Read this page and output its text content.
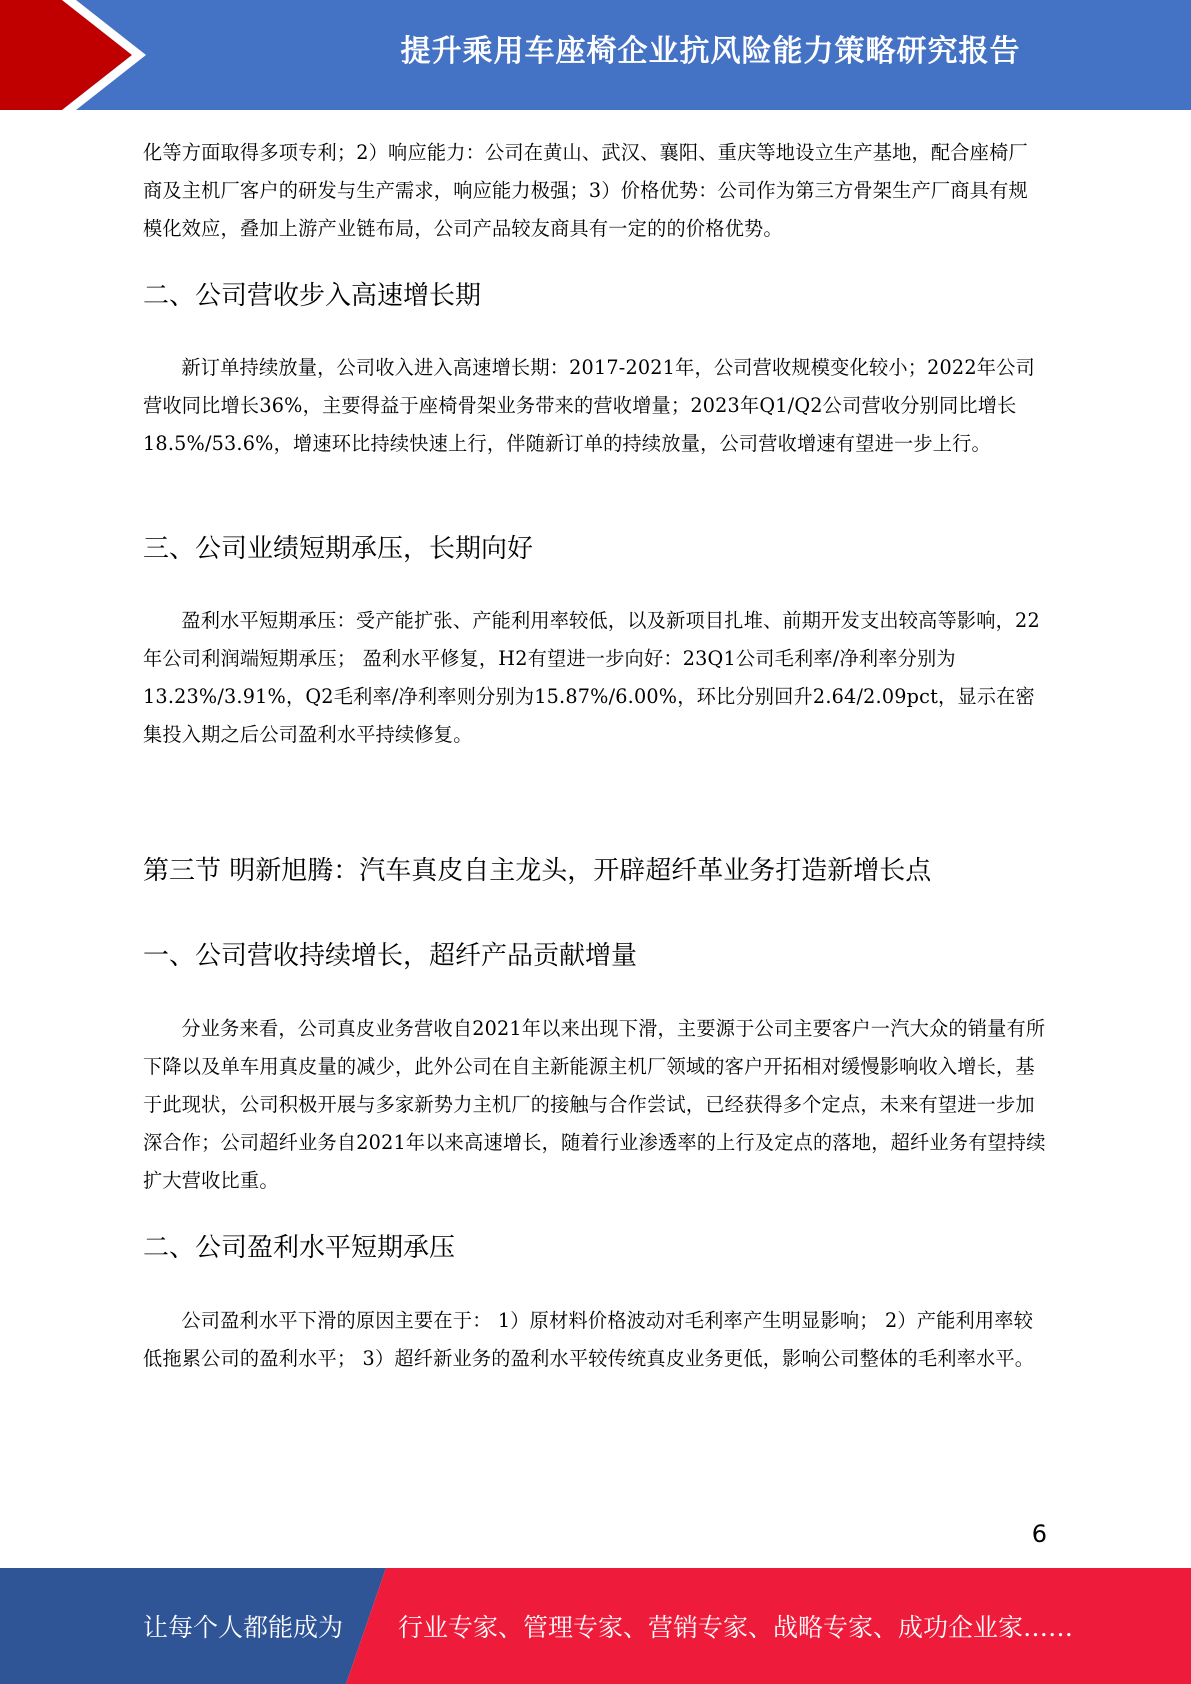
提升乘用车座椅企业抗风险能力策略研究报告

化等方面取得多项专利；2）响应能力：公司在黄山、武汉、襄阳、重庆等地设立生产基地，配合座椅厂商及主机厂客户的研发与生产需求，响应能力极强；3）价格优势：公司作为第三方骨架生产厂商具有规模化效应，叠加上游产业链布局，公司产品较友商具有一定的的价格优势。

二、公司营收步入高速增长期

新订单持续放量，公司收入进入高速增长期：2017-2021年，公司营收规模变化较小；2022年公司营收同比增长36%，主要得益于座椅骨架业务带来的营收增量；2023年Q1/Q2公司营收分别同比增长18.5%/53.6%，增速环比持续快速上行，伴随新订单的持续放量，公司营收增速有望进一步上行。

三、公司业绩短期承压，长期向好

盈利水平短期承压：受产能扩张、产能利用率较低，以及新项目扎堆、前期开发支出较高等影响，22年公司利润端短期承压； 盈利水平修复，H2有望进一步向好：23Q1公司毛利率/净利率分别为13.23%/3.91%，Q2毛利率/净利率则分别为15.87%/6.00%，环比分别回升2.64/2.09pct，显示在密集投入期之后公司盈利水平持续修复。

第三节 明新旭腾：汽车真皮自主龙头，开辟超纤革业务打造新增长点
一、公司营收持续增长，超纤产品贡献增量

分业务来看，公司真皮业务营收自2021年以来出现下滑，主要源于公司主要客户一汽大众的销量有所下降以及单车用真皮量的减少，此外公司在自主新能源主机厂领域的客户开拓相对缓慢影响收入增长，基于此现状，公司积极开展与多家新势力主机厂的接触与合作尝试，已经获得多个定点，未来有望进一步加深合作；公司超纤业务自2021年以来高速增长，随着行业渗透率的上行及定点的落地，超纤业务有望持续扩大营收比重。

二、公司盈利水平短期承压

公司盈利水平下滑的原因主要在于： 1）原材料价格波动对毛利率产生明显影响； 2）产能利用率较低拖累公司的盈利水平； 3）超纤新业务的盈利水平较传统真皮业务更低，影响公司整体的毛利率水平。

6
让每个人都能成为 行业专家、管理专家、营销专家、战略专家、成功企业家……
